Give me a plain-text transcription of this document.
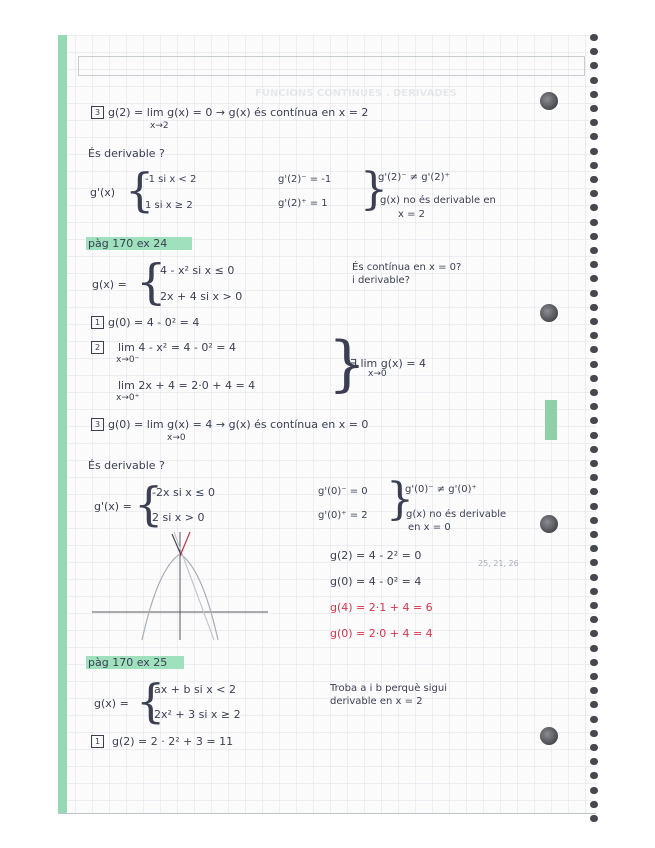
FUNCIONS CONTINUES . DERIVADES
3 g(2) = lim g(x) = 0 → g(x) és contínua en x = 2
x→2
És derivable ?
g'(x) {
-1 si x < 2
1 si x ≥ 2
g'(2)⁻ = -1
g'(2)⁺ = 1 }
g'(2)⁻ ≠ g'(2)⁺
g(x) no és derivable en
x = 2
pàg 170 ex 24
g(x) = {
4 - x² si x ≤ 0
2x + 4 si x > 0
És contínua en x = 0?
i derivable?
1 g(0) = 4 - 0² = 4
2	lim 4 - x² = 4 - 0² = 4
x→0⁻
lim 2x + 4 = 2·0 + 4 = 4
x→0⁺	}
∃ lim g(x) = 4
x→0
3 g(0) = lim g(x) = 4 → g(x) és contínua en x = 0
x→0
És derivable ?
g'(x) = {
-2x si x ≤ 0
2 si x > 0
g'(0)⁻ = 0
g'(0)⁺ = 2 }
g'(0)⁻ ≠ g'(0)⁺
g(x) no és derivable
en x = 0
g(2) = 4 - 2² = 0
g(0) = 4 - 0² = 4
g(4) = 2·1 + 4 = 6
g(0) = 2·0 + 4 = 4
25, 21, 26
pàg 170 ex 25
g(x) = {
ax + b si x < 2
2x² + 3 si x ≥ 2
Troba a i b perquè sigui
derivable en x = 2
1	g(2) = 2 · 2² + 3 = 11
